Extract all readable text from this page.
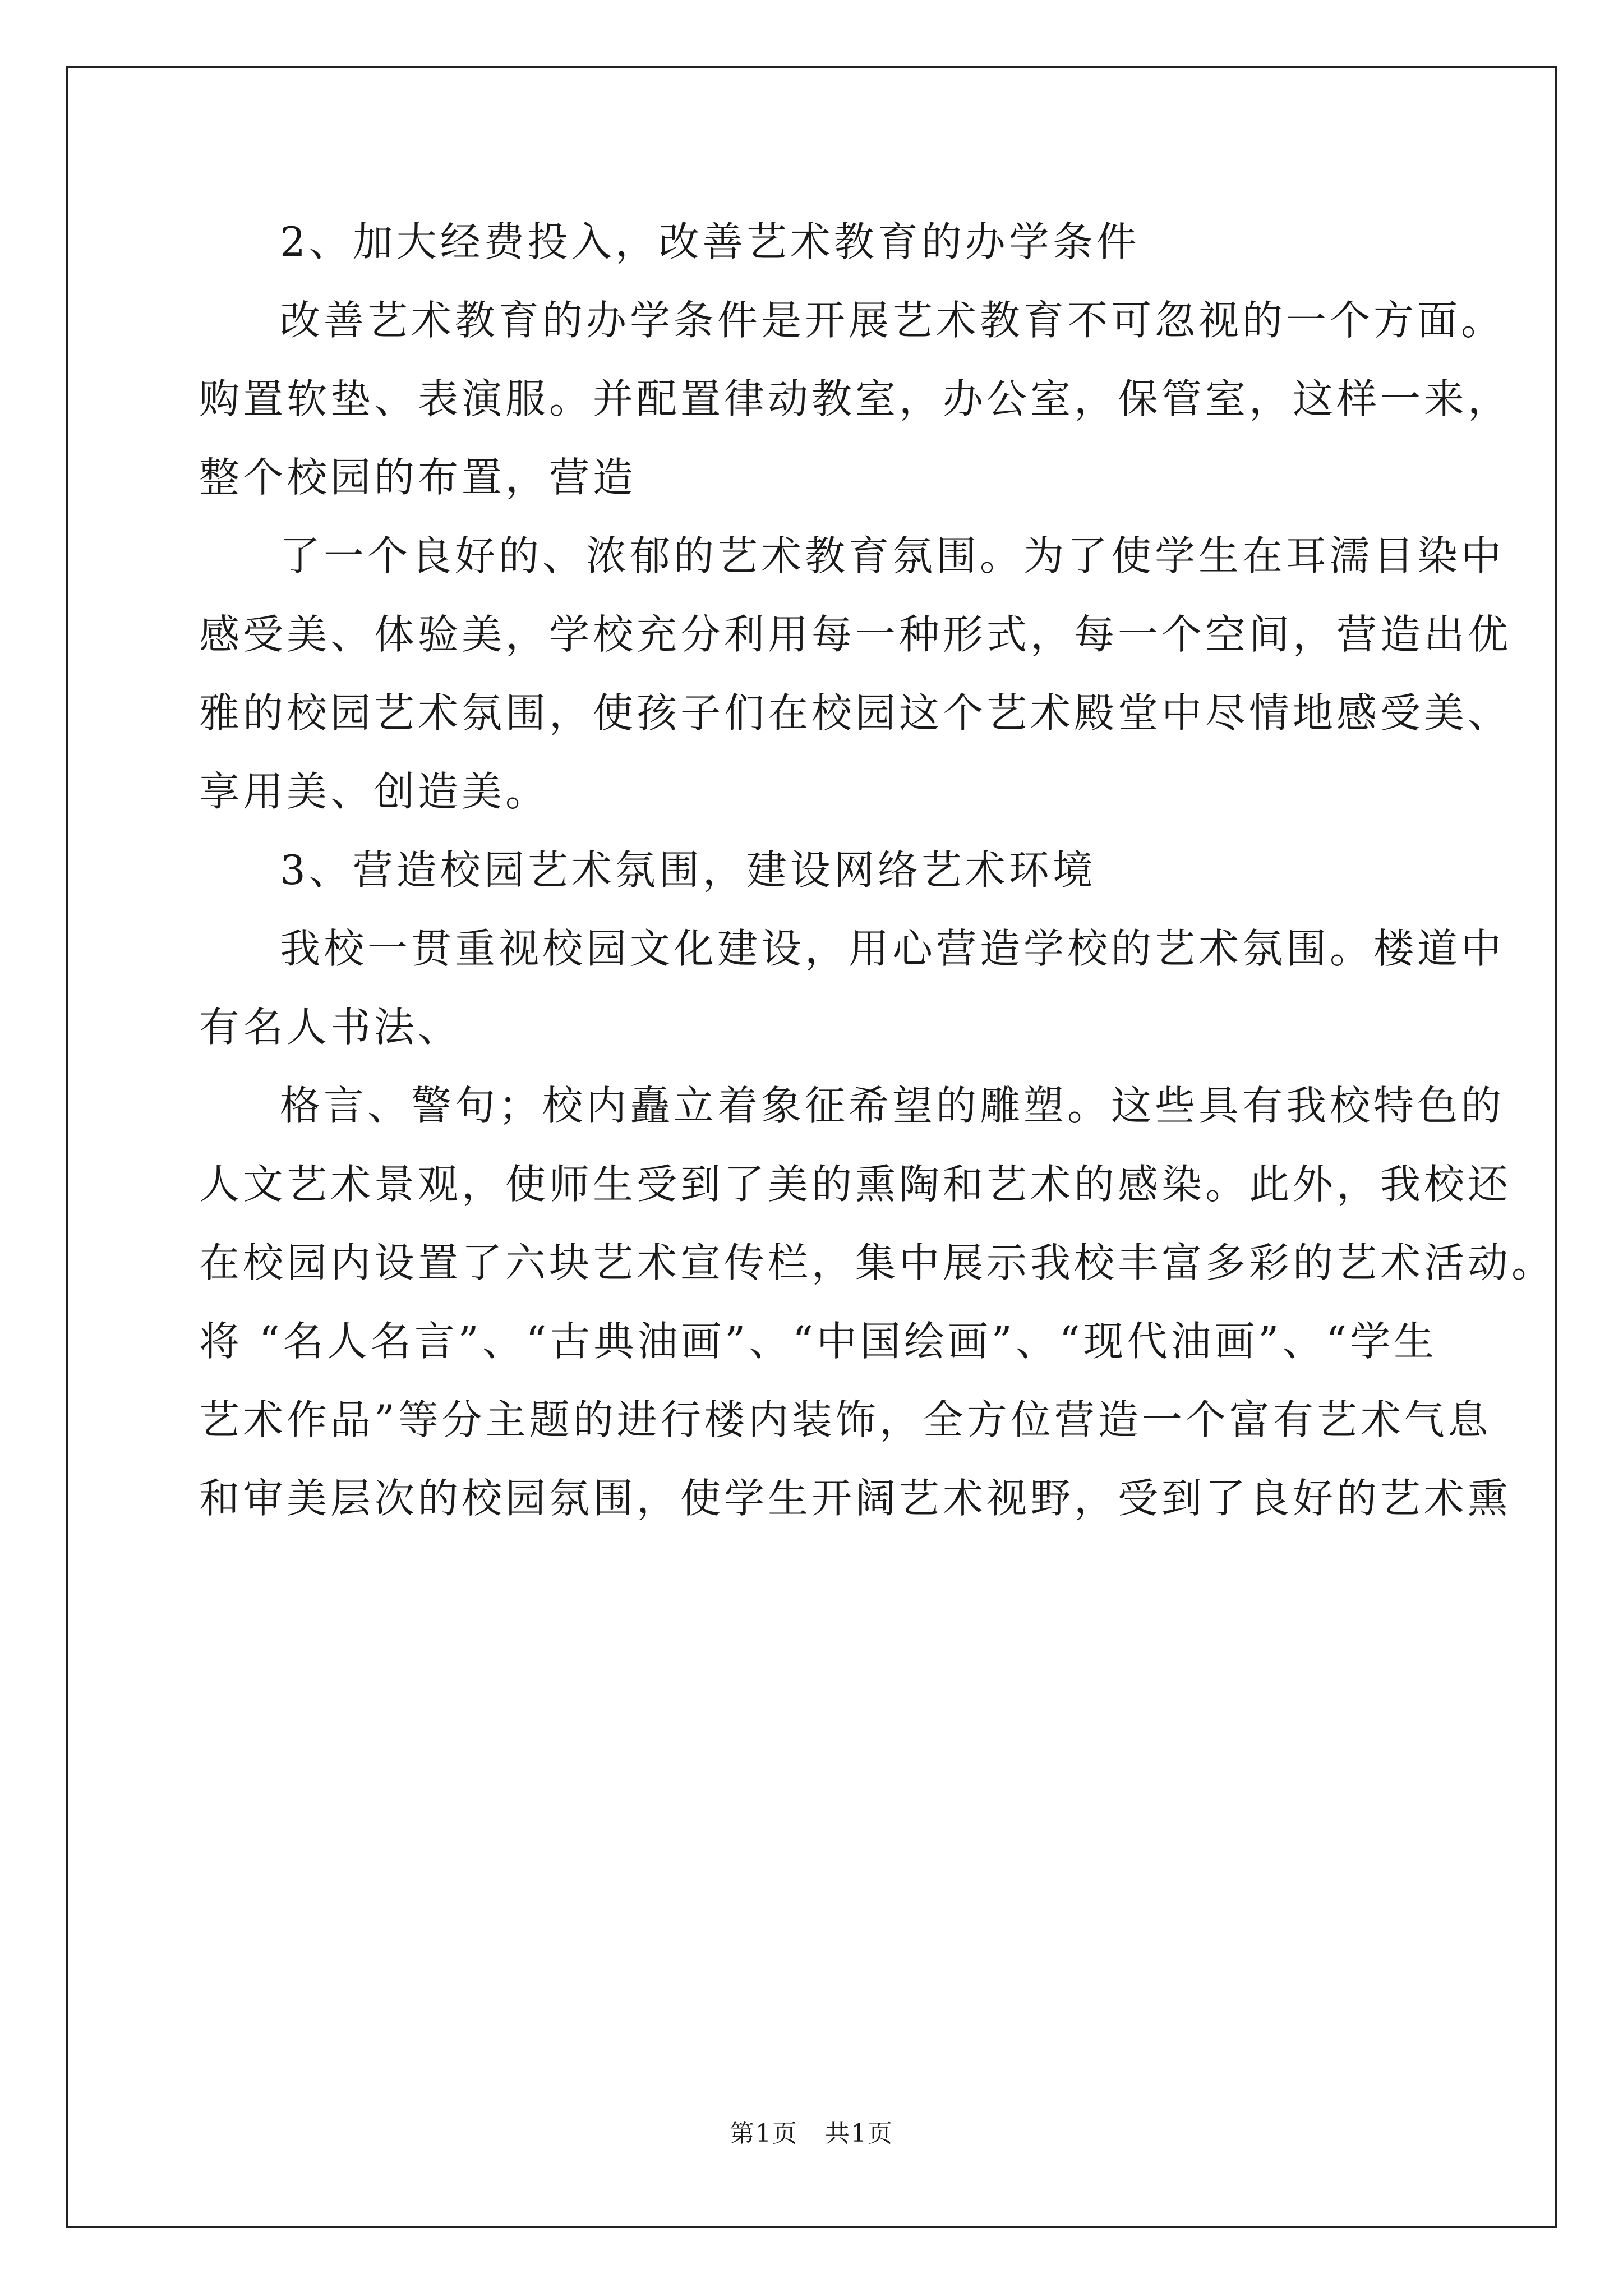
2、加大经费投入，改善艺术教育的办学条件
改善艺术教育的办学条件是开展艺术教育不可忽视的一个方面。
购置软垫、表演服。并配置律动教室，办公室，保管室，这样一来，
整个校园的布置，营造
了一个良好的、浓郁的艺术教育氛围。为了使学生在耳濡目染中
感受美、体验美，学校充分利用每一种形式，每一个空间，营造出优
雅的校园艺术氛围，使孩子们在校园这个艺术殿堂中尽情地感受美、
享用美、创造美。
3、营造校园艺术氛围，建设网络艺术环境
我校一贯重视校园文化建设，用心营造学校的艺术氛围。楼道中
有名人书法、
格言、警句；校内矗立着象征希望的雕塑。这些具有我校特色的
人文艺术景观，使师生受到了美的熏陶和艺术的感染。此外，我校还
在校园内设置了六块艺术宣传栏，集中展示我校丰富多彩的艺术活动。
将 “名人名言”、“古典油画”、“中国绘画”、“现代油画”、“学生
艺术作品”等分主题的进行楼内装饰，全方位营造一个富有艺术气息
和审美层次的校园氛围，使学生开阔艺术视野，受到了良好的艺术熏
第1页   共1页
